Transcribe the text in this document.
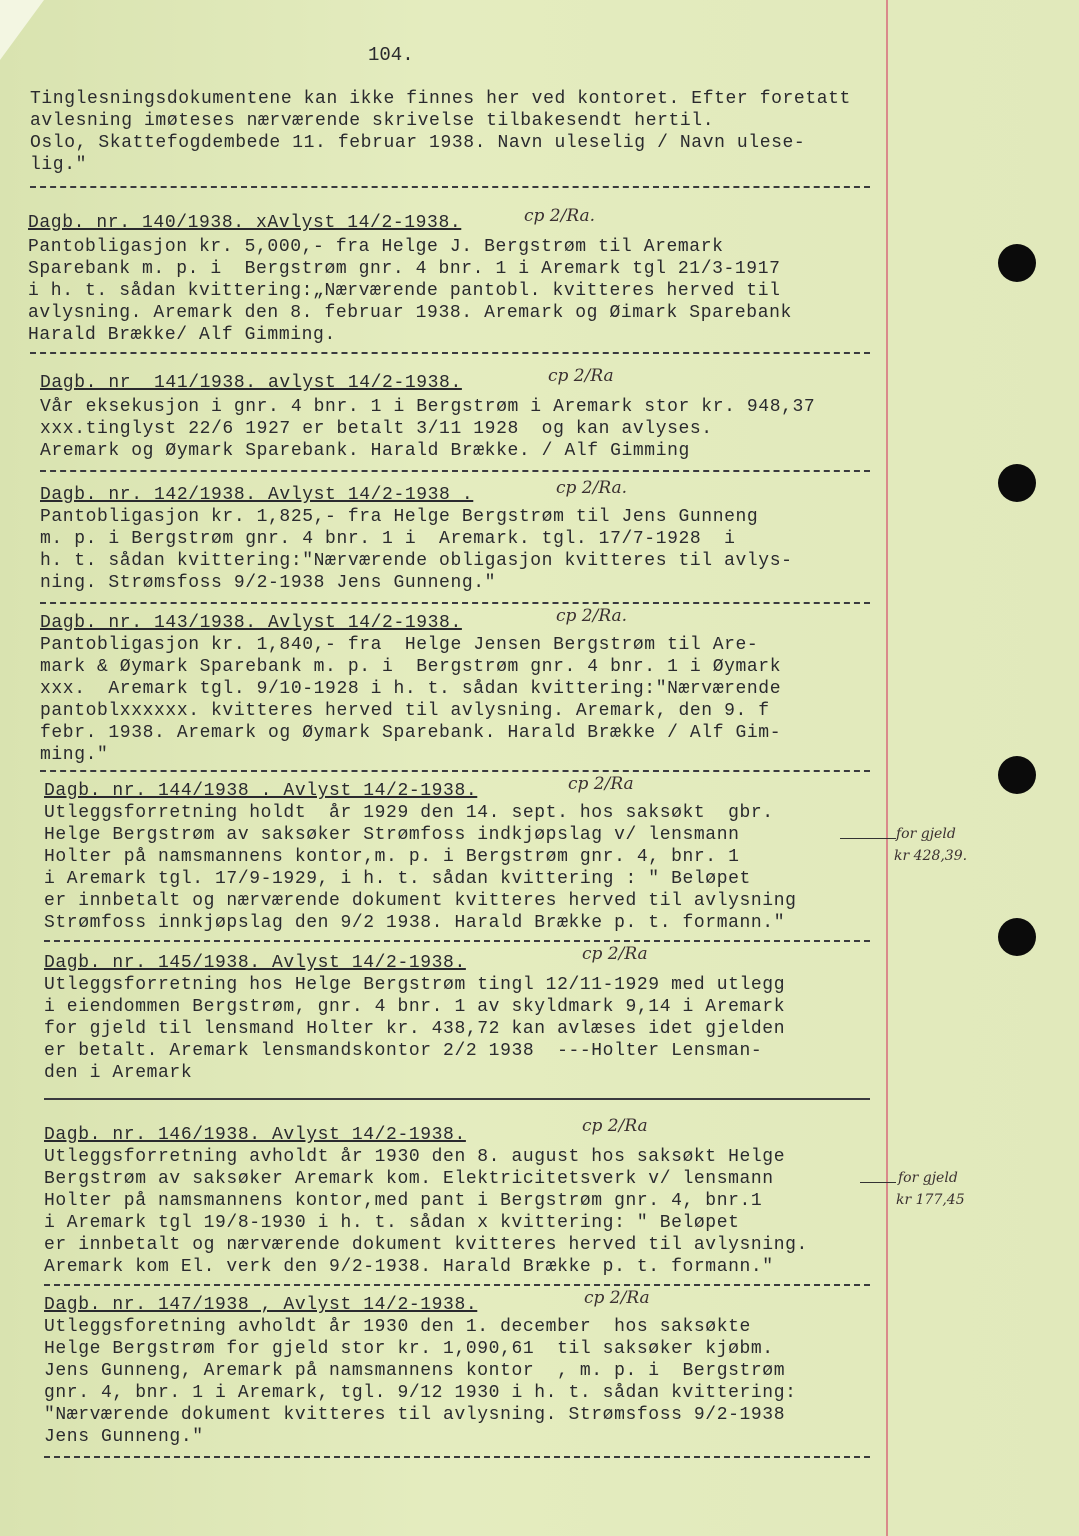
104.
Tinglesningsdokumentene kan ikke finnes her ved kontoret. Efter foretatt
avlesning imøteses nærværende skrivelse tilbakesendt hertil.
Oslo, Skattefogdembede 11. februar 1938. Navn uleselig / Navn ulese-
lig."
Dagb. nr. 140/1938. xAvlyst 14/2-1938.	cp 2/Ra.
Pantobligasjon kr. 5,000,- fra Helge J. Bergstrøm til Aremark
Sparebank m. p. i  Bergstrøm gnr. 4 bnr. 1 i Aremark tgl 21/3-1917
i h. t. sådan kvittering:„Nærværende pantobl. kvitteres herved til
avlysning. Aremark den 8. februar 1938. Aremark og Øimark Sparebank
Harald Brække/ Alf Gimming.
Dagb. nr  141/1938. avlyst 14/2-1938.	cp 2/Ra
Vår eksekusjon i gnr. 4 bnr. 1 i Bergstrøm i Aremark stor kr. 948,37
xxx.tinglyst 22/6 1927 er betalt 3/11 1928  og kan avlyses.
Aremark og Øymark Sparebank. Harald Brække. / Alf Gimming
Dagb. nr. 142/1938. Avlyst 14/2-1938 .	cp 2/Ra.
Pantobligasjon kr. 1,825,- fra Helge Bergstrøm til Jens Gunneng
m. p. i Bergstrøm gnr. 4 bnr. 1 i  Aremark. tgl. 17/7-1928  i
h. t. sådan kvittering:"Nærværende obligasjon kvitteres til avlys-
ning. Strømsfoss 9/2-1938 Jens Gunneng."
Dagb. nr. 143/1938. Avlyst 14/2-1938.	cp 2/Ra.
Pantobligasjon kr. 1,840,- fra  Helge Jensen Bergstrøm til Are-
mark & Øymark Sparebank m. p. i  Bergstrøm gnr. 4 bnr. 1 i Øymark
xxx.  Aremark tgl. 9/10-1928 i h. t. sådan kvittering:"Nærværende
pantoblxxxxxx. kvitteres herved til avlysning. Aremark, den 9. f
febr. 1938. Aremark og Øymark Sparebank. Harald Brække / Alf Gim-
ming."
Dagb. nr. 144/1938 . Avlyst 14/2-1938.	cp 2/Ra
Utleggsforretning holdt  år 1929 den 14. sept. hos saksøkt  gbr.
Helge Bergstrøm av saksøker Strømfoss indkjøpslag v/ lensmann
Holter på namsmannens kontor,m. p. i Bergstrøm gnr. 4, bnr. 1
i Aremark tgl. 17/9-1929, i h. t. sådan kvittering : " Beløpet
er innbetalt og nærværende dokument kvitteres herved til avlysning
Strømfoss innkjøpslag den 9/2 1938. Harald Brække p. t. formann."
for gjeld
kr 428,39.
Dagb. nr. 145/1938. Avlyst 14/2-1938.	cp 2/Ra
Utleggsforretning hos Helge Bergstrøm tingl 12/11-1929 med utlegg
i eiendommen Bergstrøm, gnr. 4 bnr. 1 av skyldmark 9,14 i Aremark
for gjeld til lensmand Holter kr. 438,72 kan avlæses idet gjelden
er betalt. Aremark lensmandskontor 2/2 1938  ---Holter Lensman-
den i Aremark
Dagb. nr. 146/1938. Avlyst 14/2-1938.	cp 2/Ra
Utleggsforretning avholdt år 1930 den 8. august hos saksøkt Helge
Bergstrøm av saksøker Aremark kom. Elektricitetsverk v/ lensmann
Holter på namsmannens kontor,med pant i Bergstrøm gnr. 4, bnr.1
i Aremark tgl 19/8-1930 i h. t. sådan x kvittering: " Beløpet
er innbetalt og nærværende dokument kvitteres herved til avlysning.
Aremark kom El. verk den 9/2-1938. Harald Brække p. t. formann."
for gjeld
kr 177,45
Dagb. nr. 147/1938 , Avlyst 14/2-1938.	cp 2/Ra
Utleggsforetning avholdt år 1930 den 1. december  hos saksøkte
Helge Bergstrøm for gjeld stor kr. 1,090,61  til saksøker kjøbm.
Jens Gunneng, Aremark på namsmannens kontor  , m. p. i  Bergstrøm
gnr. 4, bnr. 1 i Aremark, tgl. 9/12 1930 i h. t. sådan kvittering:
"Nærværende dokument kvitteres til avlysning. Strømsfoss 9/2-1938
Jens Gunneng."
